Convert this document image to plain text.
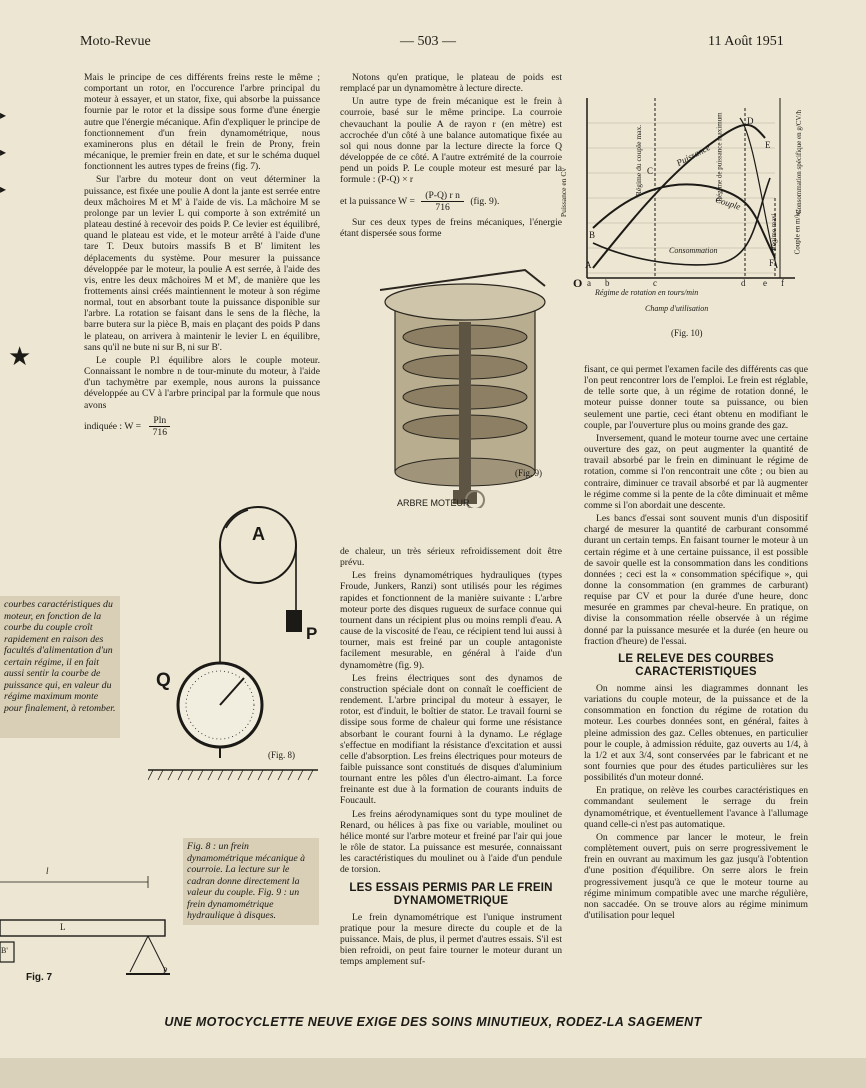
Moto-Revue	— 503 —	11 Août 1951
▸
▸
▸
★

Mais le principe de ces différents freins reste le même ; comportant un rotor, en l'occurence l'arbre principal du moteur à essayer, et un stator, fixe, qui absorbe la puissance fournie par le rotor et la dissipe sous forme d'une énergie autre que l'énergie mécanique. Afin d'expliquer le principe de fonctionnement d'un frein dynamométrique, nous examinerons plus en détail le frein de Prony, frein mécanique, le premier frein en date, et sur le schéma duquel fonctionnent les autres types de freins (fig. 7).

Sur l'arbre du moteur dont on veut déterminer la puissance, est fixée une poulie A dont la jante est serrée entre deux mâchoires M et M' à l'aide de vis. La mâchoire M se prolonge par un levier L qui comporte à son extrémité un plateau destiné à recevoir des poids P. Ce levier est équilibré, quand le plateau est vide, et le moteur arrêté à l'aide d'une tare T. Deux butoirs massifs B et B' limitent les déplacements du système. Pour mesurer la puissance développée par le moteur, la poulie A est serrée, à l'aide des vis, entre les deux mâchoires M et M', de manière que les frottements ainsi créés maintiennent le moteur à son régime normal, tout en absorbant toute la puissance disponible sur l'arbre. La rotation se faisant dans le sens de la flèche, la barre butera sur la pièce B, mais en plaçant des poids P dans le plateau, on arrivera à maintenir le levier L en équilibre, sans qu'il ne bute ni sur B, ni sur B'.

Le couple P.l équilibre alors le couple moteur. Connaissant le nombre n de tour-minute du moteur, à l'aide d'un tachymètre par exemple, nous aurons la puissance développée au CV à l'arbre principal par la formule que nous avons

indiquée : $W = \frac{Pln}{716}$

Notons qu'en pratique, le plateau de poids est remplacé par un dynamomètre à lecture directe.

Un autre type de frein mécanique est le frein à courroie, basé sur le même principe. La courroie chevauchant la poulie A de rayon r (en mètre) est accrochée d'un côté à une balance automatique fixée au sol qui nous donne par la lecture directe la force Q développée de ce côté. A l'autre extrémité de la courroie pend un poids P. Le couple moteur est mesuré par la formule : (P-Q) × r

et la puissance $W = \frac{\text{(P-Q) r n}}{716} (fig$. 9).

Sur ces deux types de freins mécaniques, l'énergie étant dispersée sous forme

(Fig. 9)
ARBRE MOTEUR

de chaleur, un très sérieux refroidissement doit être prévu.

Les freins dynamométriques hydrauliques (types Froude, Junkers, Ranzi) sont utilisés pour les régimes rapides et fonctionnent de la manière suivante : L'arbre moteur porte des disques rugueux de surface connue qui tournent dans un récipient plus ou moins rempli d'eau. A cause de la viscosité de l'eau, ce récipient tend lui aussi à tourner, mais est freiné par un couple antagoniste facilement mesurable, en général à l'aide d'un dynamomètre (fig. 9).

Les freins électriques sont des dynamos de construction spéciale dont on connaît le coefficient de rendement. L'arbre principal du moteur à essayer, le rotor, est d'induit, le boîtier de stator. Le travail fourni se dissipe sous forme de chaleur qui forme une résistance absorbant le courant fourni à la dynamo. Le réglage s'effectue en modifiant la résistance d'excitation et aussi celle d'absorption. Les freins électriques pour moteurs de faible puissance sont constitués de disques d'aluminium tournant entre les pôles d'un électro-aimant. La force freinante est due à la formation de courants induits de Foucault.

Les freins aérodynamiques sont du type moulinet de Renard, ou hélices à pas fixe ou variable, moulinet ou hélice monté sur l'arbre moteur et freiné par l'air qui joue le rôle de stator. La puissance est mesurée, connaissant les caractéristiques du moulinet ou à l'aide d'un pendule de torsion.

LES ESSAIS PERMIS PAR LE FREIN DYNAMOMETRIQUE

Le frein dynamométrique est l'unique instrument pratique pour la mesure directe du couple et de la puissance. Mais, de plus, il permet d'autres essais. S'il est bien refroidi, on peut faire tourner le moteur durant un temps amplement suf-

O a b	c	d e f
A
B
C
D
E
F
Puissance
Couple
Consommation
Puissance en Cv	Régime du couple max.	Régime de puissance maximum
Régime maxi
Consommation spécifique en g/CV/h
Couple en m/kg
Régime de rotation en tours/min
Champ d'utilisation
(Fig. 10)

fisant, ce qui permet l'examen facile des différents cas que l'on peut rencontrer lors de l'emploi. Le frein est réglable, de telle sorte que, à un régime de rotation donné, le moteur puisse donner toute sa puissance, ou bien seulement une partie, ceci étant obtenu en modifiant le couple, par l'ouverture plus ou moins grande des gaz.

Inversement, quand le moteur tourne avec une certaine ouverture des gaz, on peut augmenter la quantité de travail absorbé par le frein en diminuant le régime de rotation, comme si l'on rencontrait une côte ; ou bien au contraire, diminuer ce travail absorbé et par là augmenter le régime comme si la pente de la côte diminuait et même comme si l'on abordait une descente.

Les bancs d'essai sont souvent munis d'un dispositif chargé de mesurer la quantité de carburant consommé durant un certain temps. En faisant tourner le moteur à un certain régime et à une certaine puissance, il est possible de savoir quelle est la consommation dans les conditions données ; ceci est la « consommation spécifique », qui donne la consommation (en grammes de carburant) requise par CV et pour la durée d'une heure, donc mesurée en grammes par cheval-heure. En pratique, on divise la consommation réelle observée à un régime donné par la puissance mesurée et la durée (en heure ou fraction d'heure) de l'essai.

LE RELEVE DES COURBES CARACTERISTIQUES

On nomme ainsi les diagrammes donnant les variations du couple moteur, de la puissance et de la consommation en fonction du régime de rotation du moteur. Les courbes données sont, en général, faites à pleine admission des gaz. Celles obtenues, en particulier pour le couple, à admission réduite, gaz ouverts au 1/4, à la 1/2 et aux 3/4, sont conservées par le fabricant et ne sont fournies que pour des études particulières sur les possibilités d'un moteur donné.

En pratique, on relève les courbes caractéristiques en commandant seulement le serrage du frein dynamométrique, et éventuellement l'avance à l'allumage quand celle-ci n'est pas automatique.

On commence par lancer le moteur, le frein complètement ouvert, puis on serre progressivement le frein en ouvrant au maximum les gaz jusqu'à l'obtention d'une position d'équilibre. On serre alors le frein progressivement jusqu'à ce que le moteur tourne au régime minimum compatible avec une marche régulière, non saccadée. On se trouve alors au régime minimum d'utilisation pour lequel

courbes caractéristiques du moteur, en fonction de la courbe du couple croît rapidement en raison des facultés d'alimentation d'un certain régime, il en fait aussi sentir la courbe de puissance qui, en valeur du régime maximum monte pour finalement, à retomber.
A
P
Q
(Fig. 8)
Fig. 8 : un frein dynamométrique mécanique à courroie. La lecture sur le cadran donne directement la valeur du couple. Fig. 9 : un frein dynamométrique hydraulique à disques.
l
L
B'
P
Fig. 7
UNE MOTOCYCLETTE NEUVE EXIGE DES SOINS MINUTIEUX, RODEZ-LA SAGEMENT
